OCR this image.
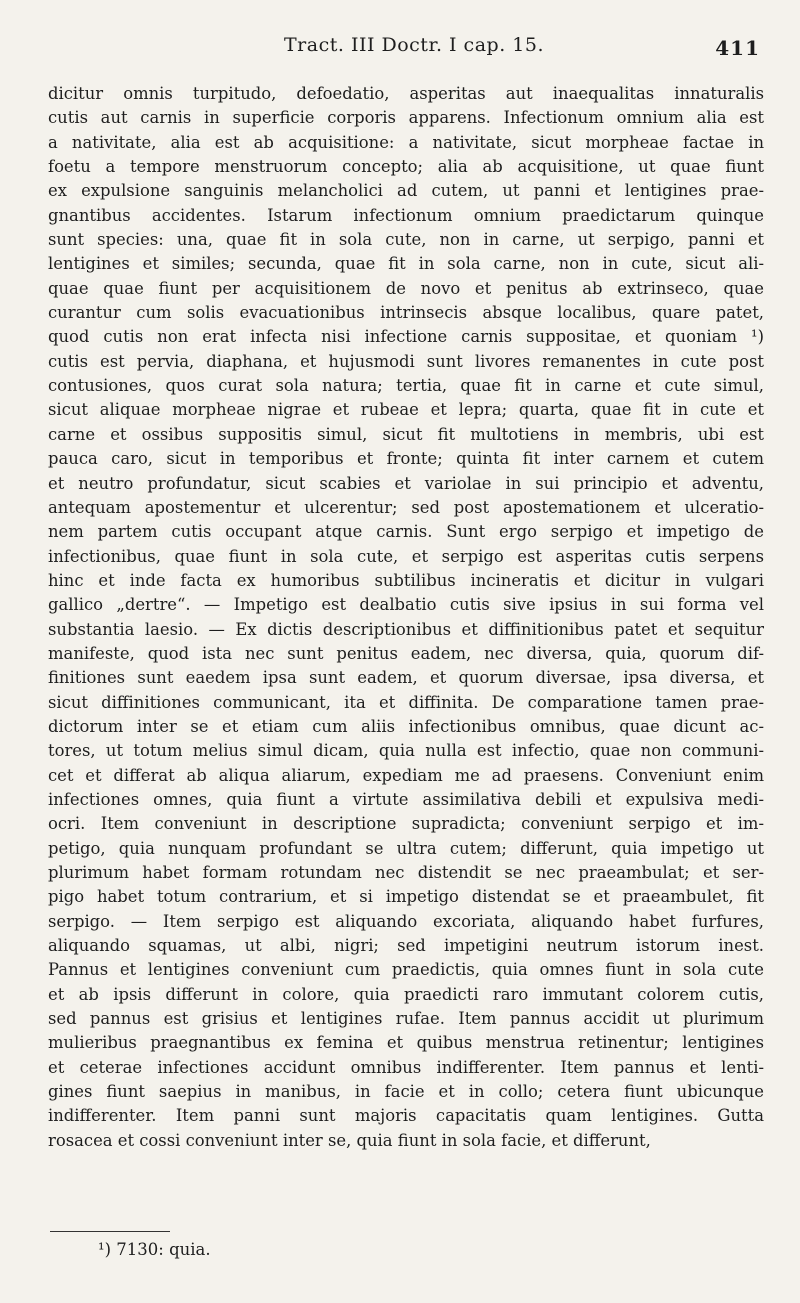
Tract. III Doctr. I cap. 15.	411
dicitur omnis turpitudo, defoedatio, asperitas aut inaequalitas innaturalis
cutis aut carnis in superficie corporis apparens. Infectionum omnium alia est
a nativitate, alia est ab acquisitione: a nativitate, sicut morpheae factae in
foetu a tempore menstruorum concepto; alia ab acquisitione, ut quae fiunt
ex expulsione sanguinis melancholici ad cutem, ut panni et lentigines prae-
gnantibus accidentes. Istarum infectionum omnium praedictarum quinque
sunt species: una, quae fit in sola cute, non in carne, ut serpigo, panni et
lentigines et similes; secunda, quae fit in sola carne, non in cute, sicut ali-
quae quae fiunt per acquisitionem de novo et penitus ab extrinseco, quae
curantur cum solis evacuationibus intrinsecis absque localibus, quare patet,
quod cutis non erat infecta nisi infectione carnis suppositae, et quoniam ¹)
cutis est pervia, diaphana, et hujusmodi sunt livores remanentes in cute post
contusiones, quos curat sola natura; tertia, quae fit in carne et cute simul,
sicut aliquae morpheae nigrae et rubeae et lepra; quarta, quae fit in cute et
carne et ossibus suppositis simul, sicut fit multotiens in membris, ubi est
pauca caro, sicut in temporibus et fronte; quinta fit inter carnem et cutem
et neutro profundatur, sicut scabies et variolae in sui principio et adventu,
antequam apostementur et ulcerentur; sed post apostemationem et ulceratio-
nem partem cutis occupant atque carnis. Sunt ergo serpigo et impetigo de
infectionibus, quae fiunt in sola cute, et serpigo est asperitas cutis serpens
hinc et inde facta ex humoribus subtilibus incineratis et dicitur in vulgari
gallico „dertre“. — Impetigo est dealbatio cutis sive ipsius in sui forma vel
substantia laesio. — Ex dictis descriptionibus et diffinitionibus patet et sequitur
manifeste, quod ista nec sunt penitus eadem, nec diversa, quia, quorum dif-
finitiones sunt eaedem ipsa sunt eadem, et quorum diversae, ipsa diversa, et
sicut diffinitiones communicant, ita et diffinita. De comparatione tamen prae-
dictorum inter se et etiam cum aliis infectionibus omnibus, quae dicunt ac-
tores, ut totum melius simul dicam, quia nulla est infectio, quae non communi-
cet et differat ab aliqua aliarum, expediam me ad praesens. Conveniunt enim
infectiones omnes, quia fiunt a virtute assimilativa debili et expulsiva medi-
ocri. Item conveniunt in descriptione supradicta; conveniunt serpigo et im-
petigo, quia nunquam profundant se ultra cutem; differunt, quia impetigo ut
plurimum habet formam rotundam nec distendit se nec praeambulat; et ser-
pigo habet totum contrarium, et si impetigo distendat se et praeambulet, fit
serpigo. — Item serpigo est aliquando excoriata, aliquando habet furfures,
aliquando squamas, ut albi, nigri; sed impetigini neutrum istorum inest.
Pannus et lentigines conveniunt cum praedictis, quia omnes fiunt in sola cute
et ab ipsis differunt in colore, quia praedicti raro immutant colorem cutis,
sed pannus est grisius et lentigines rufae. Item pannus accidit ut plurimum
mulieribus praegnantibus ex femina et quibus menstrua retinentur; lentigines
et ceterae infectiones accidunt omnibus indifferenter. Item pannus et lenti-
gines fiunt saepius in manibus, in facie et in collo; cetera fiunt ubicunque
indifferenter. Item panni sunt majoris capacitatis quam lentigines. Gutta
rosacea et cossi conveniunt inter se, quia fiunt in sola facie, et differunt,
¹) 7130: quia.
